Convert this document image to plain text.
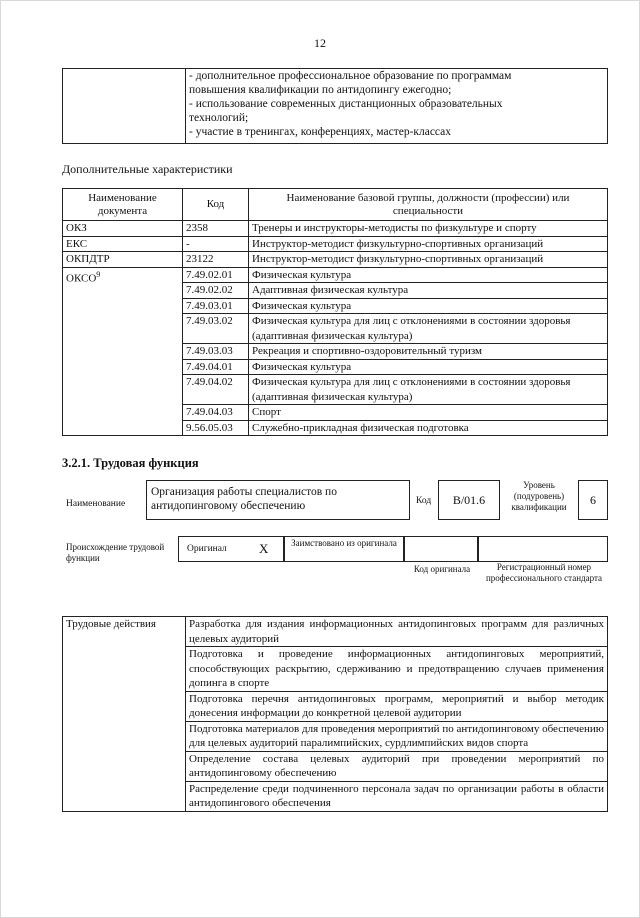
12

- дополнительное профессиональное образование по программам
повышения квалификации по антидопингу ежегодно;
- использование современных дистанционных образовательных
технологий;
- участие в тренингах, конференциях, мастер-классах
Дополнительные характеристики
Наименование документа	Код	Наименование базовой группы, должности (профессии) или специальности
ОКЗ	2358	Тренеры и инструкторы-методисты по физкультуре и спорту
ЕКС	-	Инструктор-методист физкультурно-спортивных организаций
ОКПДТР	23122	Инструктор-методист физкультурно-спортивных организаций
ОКСО$^9$	7.49.02.01	Физическая культура
	7.49.02.02	Адаптивная физическая культура
	7.49.03.01	Физическая культура
	7.49.03.02	Физическая культура для лиц с отклонениями в состоянии здоровья (адаптивная физическая культура)
	7.49.03.03	Рекреация и спортивно-оздоровительный туризм
	7.49.04.01	Физическая культура
	7.49.04.02	Физическая культура для лиц с отклонениями в состоянии здоровья (адаптивная физическая культура)
	7.49.04.03	Спорт
	9.56.05.03	Служебно-прикладная физическая подготовка
3.2.1. Трудовая функция
Наименование
Организация работы специалистов по антидопинговому обеспечению	Код	B/01.6
Уровень (подуровень) квалификации	6
Происхождение трудовой функции
Оригинал X	Заимствовано из оригинала
Код оригинала	Регистрационный номер профессионального стандарта
Трудовые действия	Разработка для издания информационных антидопинговых программ для различных целевых аудиторий
Подготовка и проведение информационных антидопинговых мероприятий, способствующих раскрытию, сдерживанию и предотвращению случаев применения допинга в спорте
Подготовка перечня антидопинговых программ, мероприятий и выбор методик донесения информации до конкретной целевой аудитории
Подготовка материалов для проведения мероприятий по антидопинговому обеспечению для целевых аудиторий паралимпийских, сурдлимпийских видов спорта
Определение состава целевых аудиторий при проведении мероприятий по антидопинговому обеспечению
Распределение среди подчиненного персонала задач по организации работы в области антидопингового обеспечения
